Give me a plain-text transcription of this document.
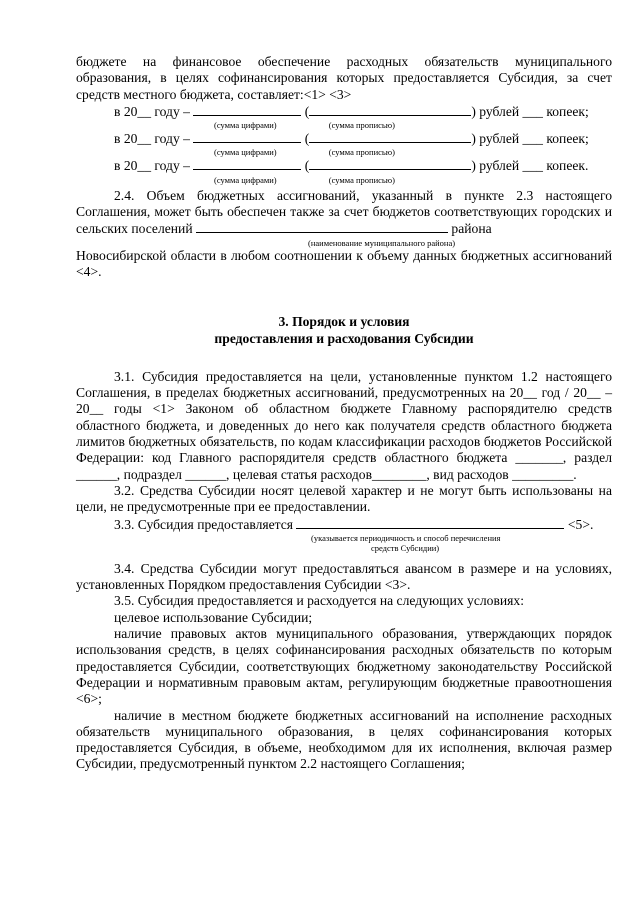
бюджете на финансовое обеспечение расходных обязательств муниципального образования, в целях софинансирования которых предоставляется Субсидия, за счет средств местного бюджета, составляет:<1> <3>

в 20__ году –	(	) рублей ___ копеек;

(сумма цифрами)	(сумма прописью)

в 20__ году –	(	) рублей ___ копеек;

(сумма цифрами)	(сумма прописью)

в 20__ году –	(	) рублей ___ копеек.

(сумма цифрами)	(сумма прописью)

2.4. Объем бюджетных ассигнований, указанный в пункте 2.3 настоящего Соглашения, может быть обеспечен также за счет бюджетов соответствующих городских и сельских поселений	района

(наименование муниципального района)

Новосибирской области в любом соотношении к объему данных бюджетных ассигнований <4>.

3. Порядок и условия

предоставления и расходования Субсидии

3.1. Субсидия предоставляется на цели, установленные пунктом 1.2 настоящего Соглашения, в пределах бюджетных ассигнований, предусмотренных на 20__ год / 20__ – 20__ годы <1> Законом об областном бюджете Главному распорядителю средств областного бюджета, и доведенных до него как получателя средств областного бюджета лимитов бюджетных обязательств, по кодам классификации расходов бюджетов Российской Федерации: код Главного распорядителя средств областного бюджета _______, раздел ______, подраздел ______, целевая статья расходов________, вид расходов _________.

3.2. Средства Субсидии носят целевой характер и не могут быть использованы на цели, не предусмотренные при ее предоставлении.

3.3. Субсидия предоставляется	<5>.

(указывается периодичность и способ перечисления

средств Субсидии)

3.4. Средства Субсидии могут предоставляться авансом в размере и на условиях, установленных Порядком предоставления Субсидии <3>.

3.5. Субсидия предоставляется и расходуется на следующих условиях:

целевое использование Субсидии;

наличие правовых актов муниципального образования, утверждающих порядок использования средств, в целях софинансирования расходных обязательств по которым предоставляется Субсидии, соответствующих бюджетному законодательству Российской Федерации и нормативным правовым актам, регулирующим бюджетные правоотношения <6>;

наличие в местном бюджете бюджетных ассигнований на исполнение расходных обязательств муниципального образования, в целях софинансирования которых предоставляется Субсидия, в объеме, необходимом для их исполнения, включая размер Субсидии, предусмотренный пунктом 2.2 настоящего Соглашения;
